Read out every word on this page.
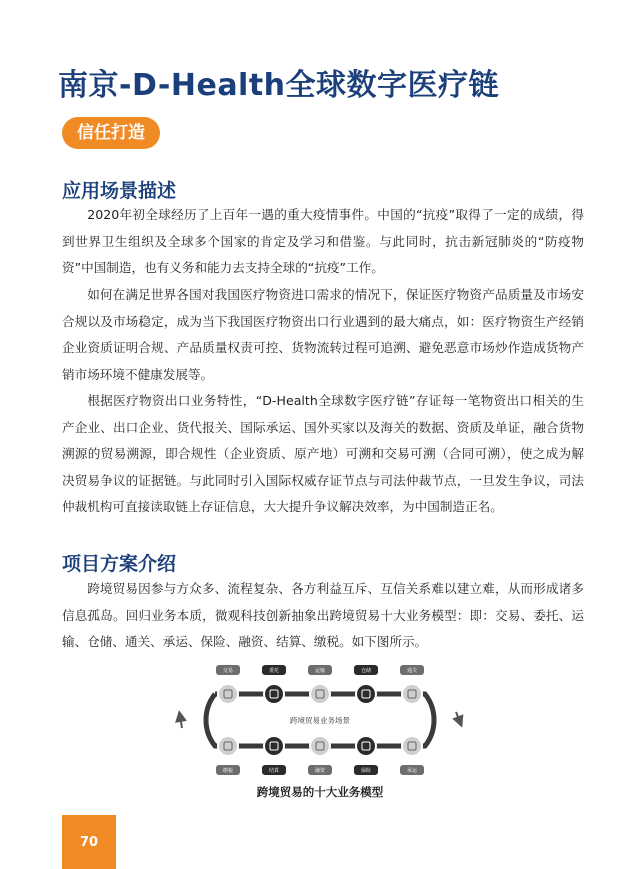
南京-D-Health全球数字医疗链
信任打造
应用场景描述
2020年初全球经历了上百年一遇的重大疫情事件。中国的“抗疫”取得了一定的成绩，得到世界卫生组织及全球多个国家的肯定及学习和借鉴。与此同时，抗击新冠肺炎的“防疫物资”中国制造，也有义务和能力去支持全球的“抗疫”工作。
如何在满足世界各国对我国医疗物资进口需求的情况下，保证医疗物资产品质量及市场安合规以及市场稳定，成为当下我国医疗物资出口行业遇到的最大痛点，如：医疗物资生产经销企业资质证明合规、产品质量权责可控、货物流转过程可追溯、避免恶意市场炒作造成货物产销市场环境不健康发展等。
根据医疗物资出口业务特性，“D-Health全球数字医疗链”存证每一笔物资出口相关的生产企业、出口企业、货代报关、国际承运、国外买家以及海关的数据、资质及单证，融合货物溯源的贸易溯源，即合规性（企业资质、原产地）可溯和交易可溯（合同可溯），使之成为解决贸易争议的证据链。与此同时引入国际权威存证节点与司法仲裁节点，一旦发生争议，司法仲裁机构可直接读取链上存证信息，大大提升争议解决效率，为中国制造正名。
项目方案介绍
跨境贸易因参与方众多、流程复杂、各方利益互斥、互信关系难以建立难，从而形成诸多信息孤岛。回归业务本质，微观科技创新抽象出跨境贸易十大业务模型：即：交易、委托、运输、仓储、通关、承运、保险、融资、结算、缴税。如下图所示。
跨境贸易业务场景
交易	委托	运输	仓储	通关
缴税	结算	融资	保险	承运
跨境贸易的十大业务模型
70
